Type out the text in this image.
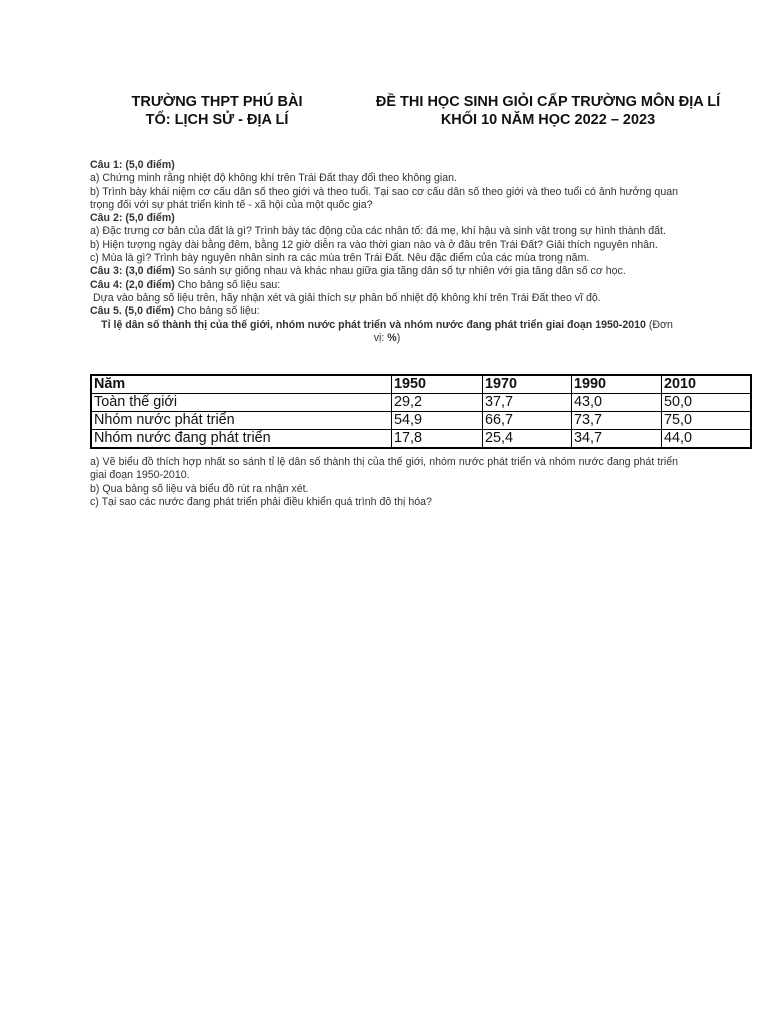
TRƯỜNG THPT PHÚ BÀI
TỔ: LỊCH SỬ - ĐỊA LÍ
ĐỀ THI HỌC SINH GIỎI CẤP TRƯỜNG MÔN ĐỊA LÍ
KHỐI 10 NĂM HỌC 2022 – 2023
Câu 1: (5,0 điểm)
a) Chứng minh rằng nhiệt độ không khí trên Trái Đất thay đổi theo không gian.
b) Trình bày khái niệm cơ cấu dân số theo giới và theo tuổi. Tại sao cơ cấu dân số theo giới và theo tuổi có ảnh hưởng quan trọng đối với sự phát triển kinh tế - xã hội của một quốc gia?
Câu 2: (5,0 điểm)
a) Đặc trưng cơ bản của đất là gì? Trình bày tác động của các nhân tố: đá mẹ, khí hậu và sinh vật trong sự hình thành đất.
b) Hiện tượng ngày dài bằng đêm, bằng 12 giờ diễn ra vào thời gian nào và ở đâu trên Trái Đất? Giải thích nguyên nhân.
c) Mùa là gì? Trình bày nguyên nhân sinh ra các mùa trên Trái Đất. Nêu đặc điểm của các mùa trong năm.
Câu 3: (3,0 điểm) So sánh sự giống nhau và khác nhau giữa gia tăng dân số tự nhiên với gia tăng dân số cơ học.
Câu 4: (2,0 điểm) Cho bảng số liệu sau:
Dựa vào bảng số liệu trên, hãy nhận xét và giải thích sự phân bố nhiệt độ không khí trên Trái Đất theo vĩ độ.
Câu 5. (5,0 điểm) Cho bảng số liệu:
Tỉ lệ dân số thành thị của thế giới, nhóm nước phát triển và nhóm nước đang phát triển giai đoạn 1950-2010 (Đơn vị: %)
Năm	1950	1970	1990	2010
Toàn thế giới	29,2	37,7	43,0	50,0
Nhóm nước phát triển	54,9	66,7	73,7	75,0
Nhóm nước đang phát triển	17,8	25,4	34,7	44,0
a) Vẽ biểu đồ thích hợp nhất so sánh tỉ lệ dân số thành thị của thế giới, nhóm nước phát triển và nhóm nước đang phát triển giai đoạn 1950-2010.
b) Qua bảng số liệu và biểu đồ rút ra nhận xét.
c) Tại sao các nước đang phát triển phải điều khiển quá trình đô thị hóa?
